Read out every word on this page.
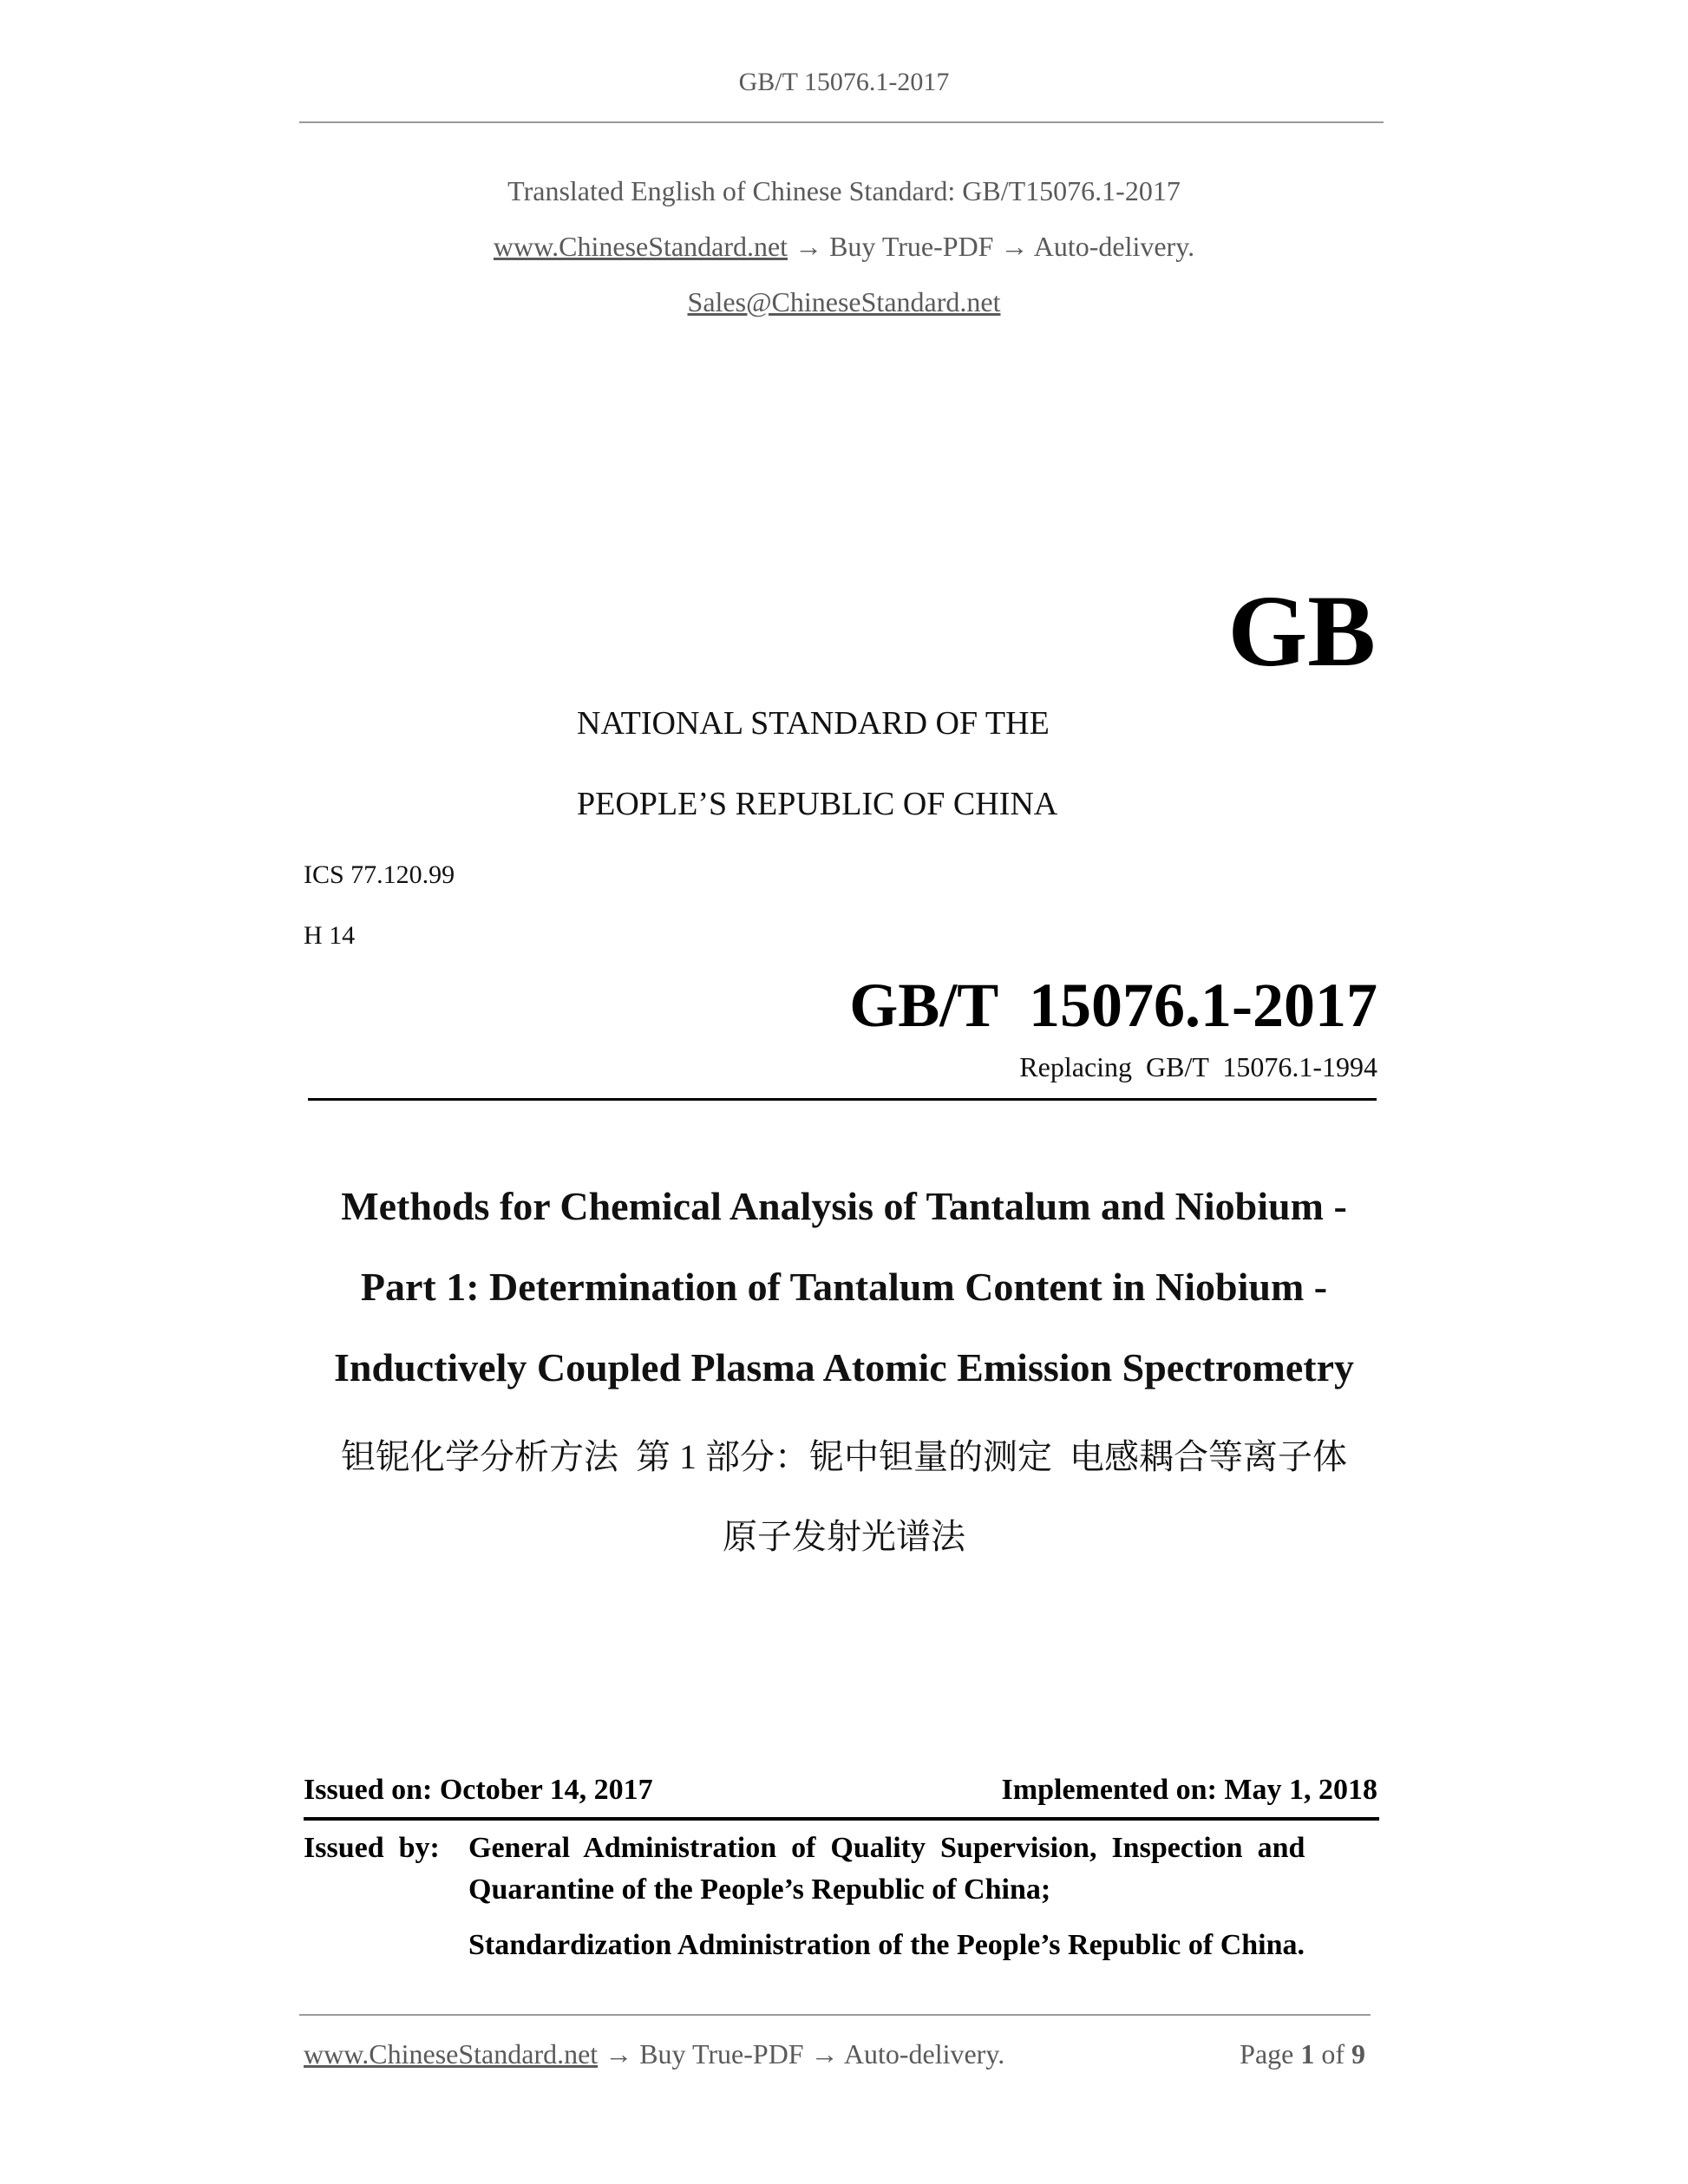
GB/T 15076.1-2017
Translated English of Chinese Standard: GB/T15076.1-2017
www.ChineseStandard.net → Buy True-PDF → Auto-delivery.
Sales@ChineseStandard.net
GB
NATIONAL STANDARD OF THE
PEOPLE’S REPUBLIC OF CHINA
ICS 77.120.99
H 14
GB/T  15076.1-2017
Replacing  GB/T  15076.1-1994
Methods for Chemical Analysis of Tantalum and Niobium -
Part 1: Determination of Tantalum Content in Niobium -
Inductively Coupled Plasma Atomic Emission Spectrometry
钽铌化学分析方法  第 1 部分：铌中钽量的测定  电感耦合等离子体
原子发射光谱法
Issued on: October 14, 2017	Implemented on: May 1, 2018
Issued  by: General  Administration  of  Quality  Supervision,  Inspection  and
Quarantine of the People’s Republic of China;
Standardization Administration of the People’s Republic of China.
www.ChineseStandard.net → Buy True-PDF → Auto-delivery.	Page 1 of 9
